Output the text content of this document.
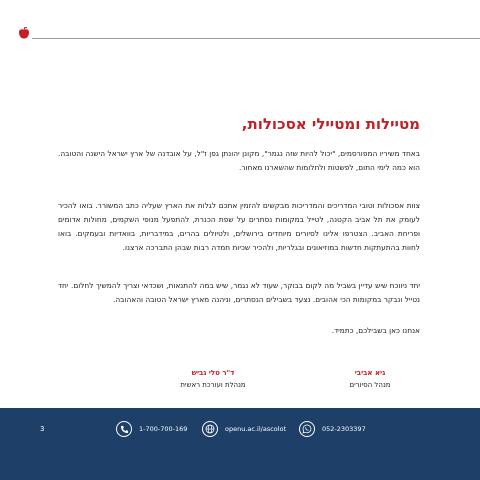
מטיילות ומטיילי אסכולות,

באחד משיריו המפורסמים, "יכול להיות שזה נגמר", מקונן יהונתן גפן ז"ל, על אובדנה של ארץ ישראל הישנה והטובה. הוא כמה לימי התום, לפשטות ולחלומות שהשארנו מאחור.

צוות אסכולות וטובי המדריכים והמדריכות מבקשים להזמין אתכם לגלות את הארץ שעליה כתב המשורר. בואו להכיר לעומק את תל אביב הקטנה, לטייל במקומות נסתרים על שפת הכנרת, להתפעל מנופי השקמים, מחולות אדומים ופריחת האביב. הצטרפו אלינו לסיורים מיוחדים בירושלים, ולטיולים בהרים, במידבריות, בוואדיות ובעמקים. בואו לחוות בהתעתקות חדשות במוזיאונים ובגלריות, ולהכיר שכיות חמדה רבות שבהן התברכה ארצנו.

יחד ניווכח שיש עדיין בשביל מה לקום בבוקר, שעוד לא נגמר, שיש במה להתנאות, ושכדאי וצריך להמשיך לחלום. יחד נטייל ונבקר במקומות הכי אהובים. נצעד בשבילים הנסתרים, וניהנה מארץ ישראל הטובה והאהובה.

אנחנו כאן בשבילכם, כתמיד.
ד"ר טלי גביש
מנהלת ועורכת ראשית
גיא אביבי
מנהל הסיורים
3	1-700-700-169	openu.ac.il/ascolot	052-2303397
